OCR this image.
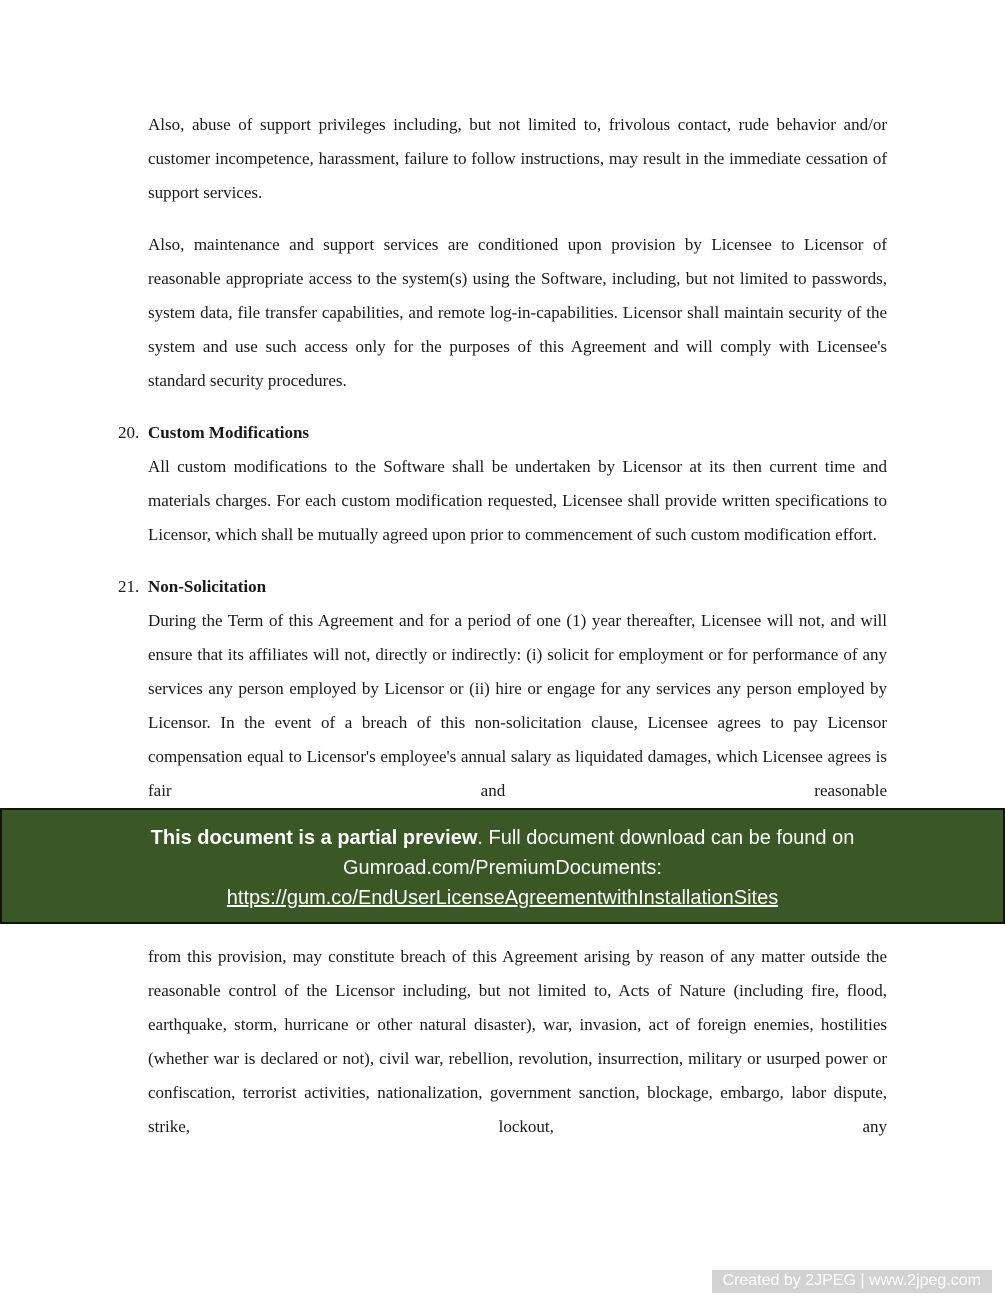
Also, abuse of support privileges including, but not limited to, frivolous contact, rude behavior and/or customer incompetence, harassment, failure to follow instructions, may result in the immediate cessation of support services.

Also, maintenance and support services are conditioned upon provision by Licensee to Licensor of reasonable appropriate access to the system(s) using the Software, including, but not limited to passwords, system data, file transfer capabilities, and remote log-in-capabilities. Licensor shall maintain security of the system and use such access only for the purposes of this Agreement and will comply with Licensee's standard security procedures.

20. Custom Modifications

All custom modifications to the Software shall be undertaken by Licensor at its then current time and materials charges. For each custom modification requested, Licensee shall provide written specifications to Licensor, which shall be mutually agreed upon prior to commencement of such custom modification effort.

21. Non-Solicitation

During the Term of this Agreement and for a period of one (1) year thereafter, Licensee will not, and will ensure that its affiliates will not, directly or indirectly: (i) solicit for employment or for performance of any services any person employed by Licensor or (ii) hire or engage for any services any person employed by Licensor. In the event of a breach of this non-solicitation clause, Licensee agrees to pay Licensor compensation equal to Licensor's employee's annual salary as liquidated damages, which Licensee agrees is fair and reasonable

This document is a partial preview. Full document download can be found on
Gumroad.com/PremiumDocuments:
https://gum.co/EndUserLicenseAgreementwithInstallationSites

from this provision, may constitute breach of this Agreement arising by reason of any matter outside the reasonable control of the Licensor including, but not limited to, Acts of Nature (including fire, flood, earthquake, storm, hurricane or other natural disaster), war, invasion, act of foreign enemies, hostilities (whether war is declared or not), civil war, rebellion, revolution, insurrection, military or usurped power or confiscation, terrorist activities, nationalization, government sanction, blockage, embargo, labor dispute, strike, lockout, any

Created by 2JPEG | www.2jpeg.com
